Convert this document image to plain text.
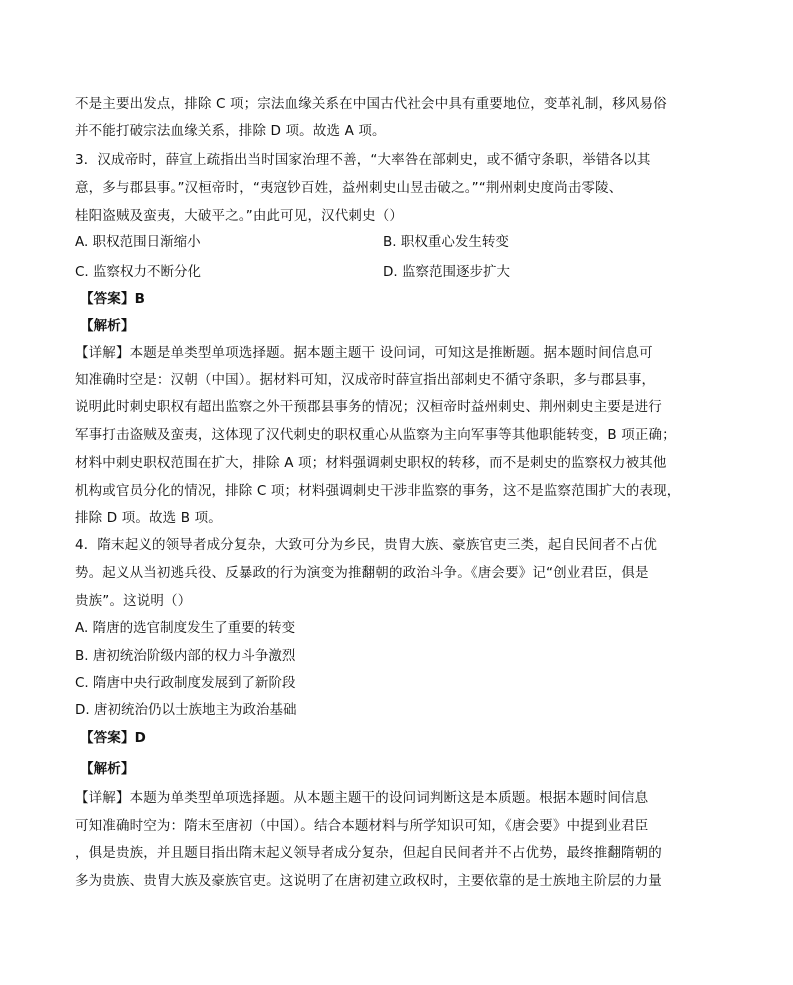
不是主要出发点，排除 C 项；宗法血缘关系在中国古代社会中具有重要地位，变革礼制，移风易俗
并不能打破宗法血缘关系，排除 D 项。故选 A 项。
3．汉成帝时，薛宣上疏指出当时国家治理不善，“大率咎在部刺史，或不循守条职，举错各以其
意，多与郡县事。”汉桓帝时，“夷寇钞百姓，益州刺史山昱击破之。”“荆州刺史度尚击零陵、
桂阳盗贼及蛮夷，大破平之。”由此可见，汉代刺史（）
A. 职权范围日渐缩小	B. 职权重心发生转变
C. 监察权力不断分化	D. 监察范围逐步扩大
【答案】B
【解析】
【详解】本题是单类型单项选择题。据本题主题干 设问词，可知这是推断题。据本题时间信息可
知准确时空是：汉朝（中国）。据材料可知，汉成帝时薛宣指出部刺史不循守条职，多与郡县事，
说明此时刺史职权有超出监察之外干预郡县事务的情况；汉桓帝时益州刺史、荆州刺史主要是进行
军事打击盗贼及蛮夷，这体现了汉代刺史的职权重心从监察为主向军事等其他职能转变，B 项正确；
材料中刺史职权范围在扩大，排除 A 项；材料强调刺史职权的转移，而不是刺史的监察权力被其他
机构或官员分化的情况，排除 C 项；材料强调刺史干涉非监察的事务，这不是监察范围扩大的表现，
排除 D 项。故选 B 项。
4．隋末起义的领导者成分复杂，大致可分为乡民，贵胄大族、豪族官吏三类，起自民间者不占优
势。起义从当初逃兵役、反暴政的行为演变为推翻朝的政治斗争。《唐会要》记“创业君臣，俱是
贵族”。这说明（）
A. 隋唐的选官制度发生了重要的转变
B. 唐初统治阶级内部的权力斗争激烈
C. 隋唐中央行政制度发展到了新阶段
D. 唐初统治仍以士族地主为政治基础
【答案】D
【解析】
【详解】本题为单类型单项选择题。从本题主题干的设问词判断这是本质题。根据本题时间信息
可知准确时空为：隋末至唐初（中国）。结合本题材料与所学知识可知，《唐会要》中提到业君臣
，俱是贵族，并且题目指出隋末起义领导者成分复杂，但起自民间者并不占优势，最终推翻隋朝的
多为贵族、贵胄大族及豪族官吏。这说明了在唐初建立政权时，主要依靠的是士族地主阶层的力量
